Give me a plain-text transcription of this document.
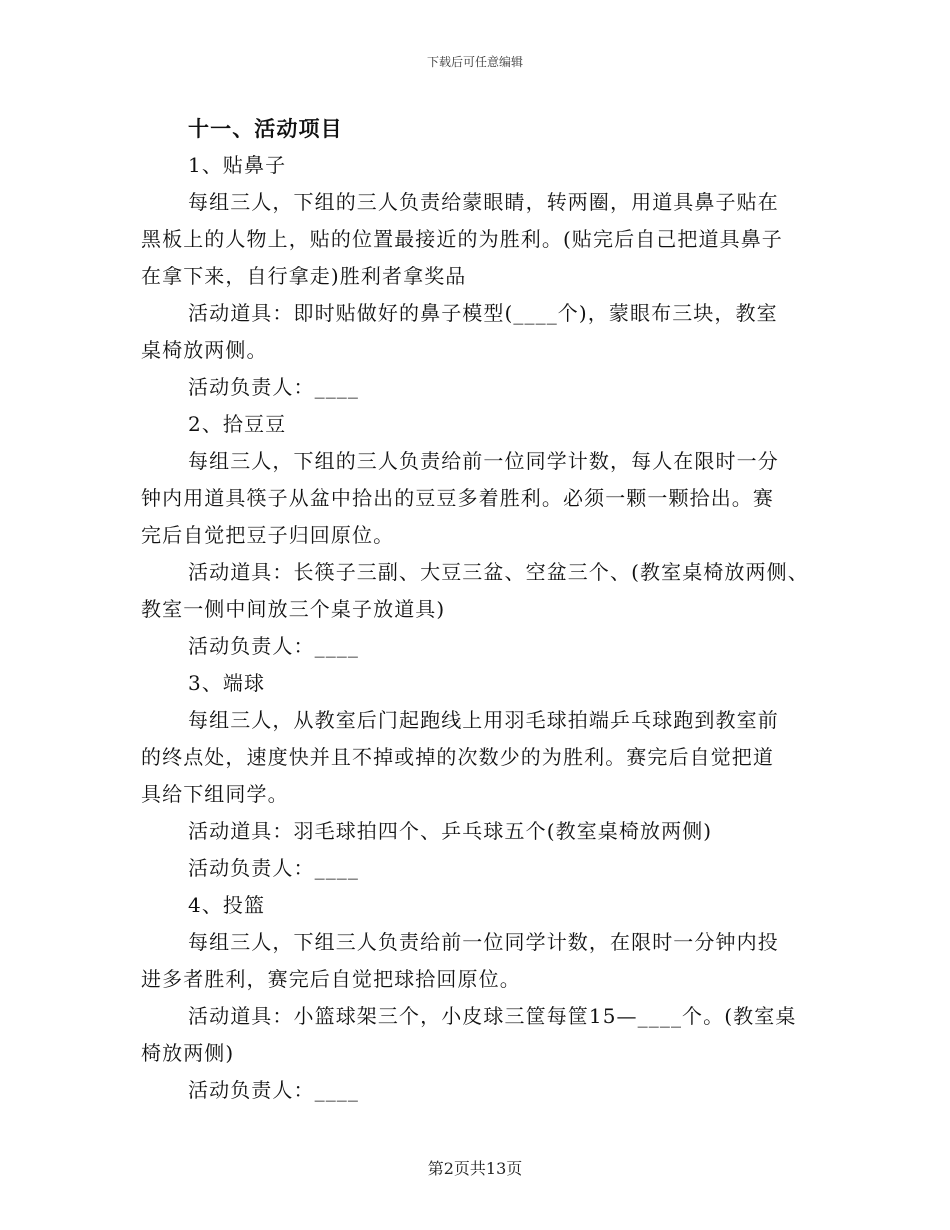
下载后可任意编辑
十一、活动项目
1、贴鼻子
每组三人，下组的三人负责给蒙眼睛，转两圈，用道具鼻子贴在
黑板上的人物上，贴的位置最接近的为胜利。(贴完后自己把道具鼻子
在拿下来，自行拿走)胜利者拿奖品
活动道具：即时贴做好的鼻子模型(____个)，蒙眼布三块，教室
桌椅放两侧。
活动负责人：____
2、拾豆豆
每组三人，下组的三人负责给前一位同学计数，每人在限时一分
钟内用道具筷子从盆中拾出的豆豆多着胜利。必须一颗一颗拾出。赛
完后自觉把豆子归回原位。
活动道具：长筷子三副、大豆三盆、空盆三个、(教室桌椅放两侧、
教室一侧中间放三个桌子放道具)
活动负责人：____
3、端球
每组三人，从教室后门起跑线上用羽毛球拍端乒乓球跑到教室前
的终点处，速度快并且不掉或掉的次数少的为胜利。赛完后自觉把道
具给下组同学。
活动道具：羽毛球拍四个、乒乓球五个(教室桌椅放两侧)
活动负责人：____
4、投篮
每组三人，下组三人负责给前一位同学计数，在限时一分钟内投
进多者胜利，赛完后自觉把球拾回原位。
活动道具：小篮球架三个，小皮球三筐每筐15—____个。(教室桌
椅放两侧)
活动负责人：____
第2页共13页
